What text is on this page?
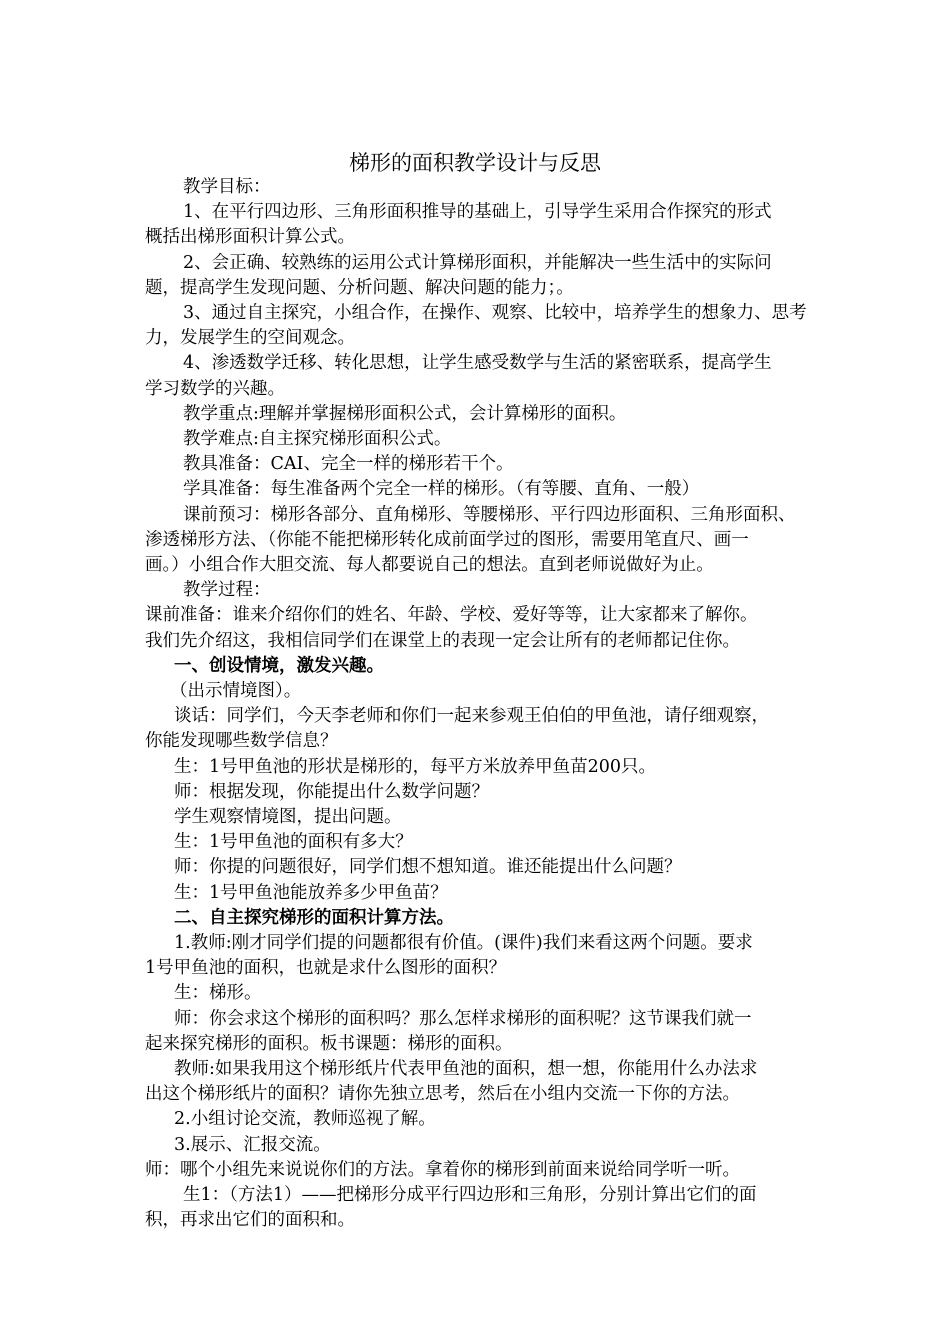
梯形的面积教学设计与反思
教学目标：
1、在平行四边形、三角形面积推导的基础上，引导学生采用合作探究的形式
概括出梯形面积计算公式。
2、会正确、较熟练的运用公式计算梯形面积，并能解决一些生活中的实际问
题，提高学生发现问题、分析问题、解决问题的能力；。
3、通过自主探究，小组合作，在操作、观察、比较中，培养学生的想象力、思考
力，发展学生的空间观念。
4、渗透数学迁移、转化思想，让学生感受数学与生活的紧密联系，提高学生
学习数学的兴趣。
教学重点:理解并掌握梯形面积公式，会计算梯形的面积。
教学难点:自主探究梯形面积公式。
教具准备：CAI、完全一样的梯形若干个。
学具准备：每生准备两个完全一样的梯形。（有等腰、直角、一般）
课前预习：梯形各部分、直角梯形、等腰梯形、平行四边形面积、三角形面积、
渗透梯形方法、（你能不能把梯形转化成前面学过的图形，需要用笔直尺、画一
画。）小组合作大胆交流、每人都要说自己的想法。直到老师说做好为止。
教学过程：
课前准备：谁来介绍你们的姓名、年龄、学校、爱好等等，让大家都来了解你。
我们先介绍这，我相信同学们在课堂上的表现一定会让所有的老师都记住你。
一、创设情境，激发兴趣。
（出示情境图）。
谈话：同学们，今天李老师和你们一起来参观王伯伯的甲鱼池，请仔细观察，
你能发现哪些数学信息？
生：1号甲鱼池的形状是梯形的，每平方米放养甲鱼苗200只。
师：根据发现，你能提出什么数学问题？
学生观察情境图，提出问题。
生：1号甲鱼池的面积有多大？
师：你提的问题很好，同学们想不想知道。谁还能提出什么问题？
生：1号甲鱼池能放养多少甲鱼苗？
二、自主探究梯形的面积计算方法。
1.教师:刚才同学们提的问题都很有价值。(课件)我们来看这两个问题。要求
1号甲鱼池的面积，也就是求什么图形的面积？
生：梯形。
师：你会求这个梯形的面积吗？那么怎样求梯形的面积呢？这节课我们就一
起来探究梯形的面积。板书课题：梯形的面积。
教师:如果我用这个梯形纸片代表甲鱼池的面积，想一想，你能用什么办法求
出这个梯形纸片的面积？请你先独立思考，然后在小组内交流一下你的方法。
2.小组讨论交流，教师巡视了解。
3.展示、汇报交流。
师：哪个小组先来说说你们的方法。拿着你的梯形到前面来说给同学听一听。
生1：（方法1）——把梯形分成平行四边形和三角形，分别计算出它们的面
积，再求出它们的面积和。
